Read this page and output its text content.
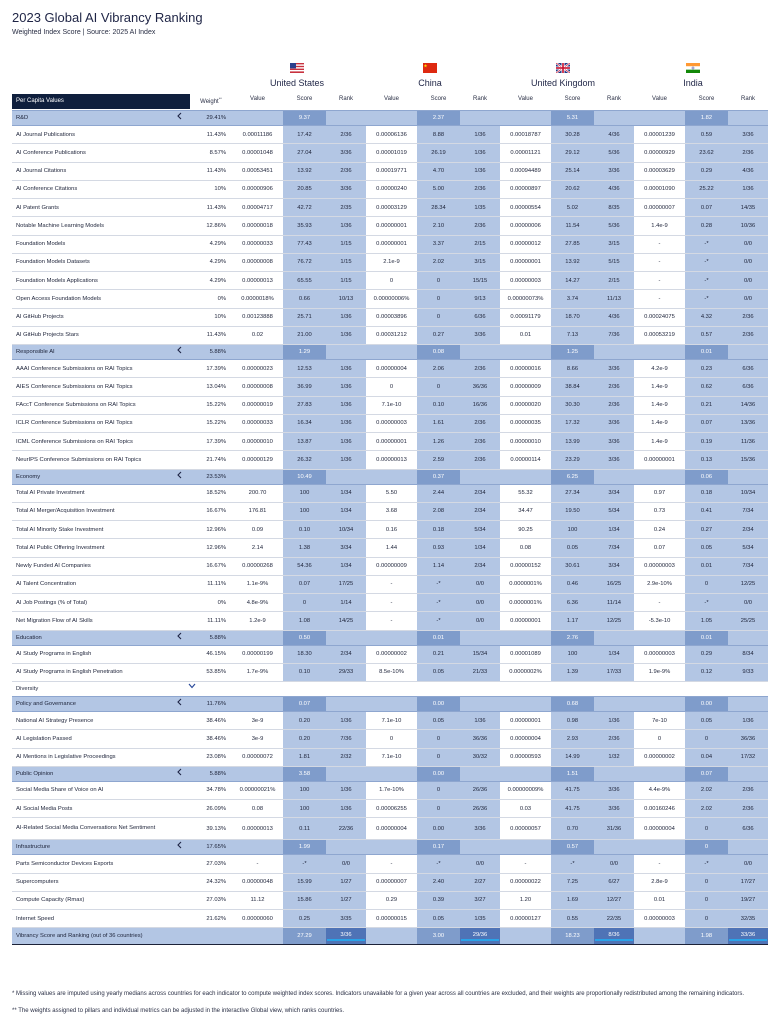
2023 Global AI Vibrancy Ranking
Weighted Index Score | Source: 2025 AI Index
United States	China	United Kingdom	India
Per Capita Values	Weight**	Value	Score	Rank	Value	Score	Rank	Value	Score	Rank	Value	Score	Rank
R&D	29.41%		9.37			2.37			5.31			1.82	
AI Journal Publications	11.43%	0.00011186	17.42	2/36	0.00006136	8.88	1/36	0.00018787	30.28	4/36	0.00001239	0.59	3/36
AI Conference Publications	8.57%	0.00001048	27.04	3/36	0.00001019	26.19	1/36	0.00001121	29.12	5/36	0.00000929	23.62	2/36
AI Journal Citations	11.43%	0.00053451	13.92	2/36	0.00019771	4.70	1/36	0.00094489	25.14	3/36	0.00003629	0.29	4/36
AI Conference Citations	10%	0.00000906	20.85	3/36	0.00000240	5.00	2/36	0.00000897	20.62	4/36	0.00001090	25.22	1/36
AI Patent Grants	11.43%	0.00004717	42.72	2/35	0.00003129	28.34	1/35	0.00000554	5.02	8/35	0.00000007	0.07	14/35
Notable Machine Learning Models	12.86%	0.00000018	35.93	1/36	0.00000001	2.10	2/36	0.00000006	11.54	5/36	1.4e-9	0.28	10/36
Foundation Models	4.29%	0.00000033	77.43	1/15	0.00000001	3.37	2/15	0.00000012	27.85	3/15	-	-*	0/0
Foundation Models Datasets	4.29%	0.00000008	76.72	1/15	2.1e-9	2.02	3/15	0.00000001	13.92	5/15	-	-*	0/0
Foundation Models Applications	4.29%	0.00000013	65.55	1/15	0	0	15/15	0.00000003	14.27	2/15	-	-*	0/0
Open Access Foundation Models	0%	0.0000018%	0.66	10/13	0.00000006%	0	9/13	0.00000073%	3.74	11/13	-	-*	0/0
AI GitHub Projects	10%	0.00123888	25.71	1/36	0.00003896	0	6/36	0.00091179	18.70	4/36	0.00024075	4.32	2/36
AI GitHub Projects Stars	11.43%	0.02	21.00	1/36	0.00031212	0.27	3/36	0.01	7.13	7/36	0.00053219	0.57	2/36
Responsible AI	5.88%		1.29			0.08			1.25			0.01	
AAAI Conference Submissions on RAI Topics	17.39%	0.00000023	12.53	1/36	0.00000004	2.06	2/36	0.00000016	8.66	3/36	4.2e-9	0.23	6/36
AIES Conference Submissions on RAI Topics	13.04%	0.00000008	36.99	1/36	0	0	36/36	0.00000009	38.84	2/36	1.4e-9	0.62	6/36
FAccT Conference Submissions on RAI Topics	15.22%	0.00000019	27.83	1/36	7.1e-10	0.10	16/36	0.00000020	30.30	2/36	1.4e-9	0.21	14/36
ICLR Conference Submissions on RAI Topics	15.22%	0.00000033	16.34	1/36	0.00000003	1.61	2/36	0.00000035	17.32	3/36	1.4e-9	0.07	13/36
ICML Conference Submissions on RAI Topics	17.39%	0.00000010	13.87	1/36	0.00000001	1.26	2/36	0.00000010	13.99	3/36	1.4e-9	0.19	11/36
NeurIPS Conference Submissions on RAI Topics	21.74%	0.00000129	26.32	1/36	0.00000013	2.59	2/36	0.00000114	23.29	3/36	0.00000001	0.13	15/36
Economy	23.53%		10.49			0.37			6.25			0.06	
Total AI Private Investment	18.52%	200.70	100	1/34	5.50	2.44	2/34	55.32	27.34	3/34	0.97	0.18	10/34
Total AI Merger/Acquisition Investment	16.67%	176.81	100	1/34	3.68	2.08	2/34	34.47	19.50	5/34	0.73	0.41	7/34
Total AI Minority Stake Investment	12.96%	0.09	0.10	10/34	0.16	0.18	5/34	90.25	100	1/34	0.24	0.27	2/34
Total AI Public Offering Investment	12.96%	2.14	1.38	3/34	1.44	0.93	1/34	0.08	0.05	7/34	0.07	0.05	5/34
Newly Funded AI Companies	16.67%	0.00000268	54.36	1/34	0.00000009	1.14	2/34	0.00000152	30.61	3/34	0.00000003	0.01	7/34
AI Talent Concentration	11.11%	1.1e-9%	0.07	17/25	-	-*	0/0	0.0000001%	0.46	16/25	2.9e-10%	0	12/25
AI Job Postings (% of Total)	0%	4.8e-9%	0	1/14	-	-*	0/0	0.0000001%	6.36	11/14	-	-*	0/0
Net Migration Flow of AI Skills	11.11%	1.2e-9	1.08	14/25	-	-*	0/0	0.00000001	1.17	12/25	-5.3e-10	1.05	25/25
Education	5.88%		0.50			0.01			2.76			0.01	
AI Study Programs in English	46.15%	0.00000199	18.30	2/34	0.00000002	0.21	15/34	0.00001089	100	1/34	0.00000003	0.29	8/34
AI Study Programs in English Penetration	53.85%	1.7e-9%	0.10	29/33	8.5e-10%	0.05	21/33	0.0000002%	1.39	17/33	1.9e-9%	0.12	9/33
Diversity													

Policy and Governance	11.76%		0.07			0.00			0.68			0.00	
National AI Strategy Presence	38.46%	3e-9	0.20	1/36	7.1e-10	0.05	1/36	0.00000001	0.98	1/36	7e-10	0.05	1/36
AI Legislation Passed	38.46%	3e-9	0.20	7/36	0	0	36/36	0.00000004	2.93	2/36	0	0	36/36
AI Mentions in Legislative Proceedings	23.08%	0.00000072	1.81	2/32	7.1e-10	0	30/32	0.00000593	14.99	1/32	0.00000002	0.04	17/32
Public Opinion	5.88%		3.58			0.00			1.51			0.07	
Social Media Share of Voice on AI	34.78%	0.00000021%	100	1/36	1.7e-10%	0	26/36	0.00000009%	41.75	3/36	4.4e-9%	2.02	2/36
AI Social Media Posts	26.09%	0.08	100	1/36	0.00006255	0	26/36	0.03	41.75	3/36	0.00160246	2.02	2/36
AI-Related Social Media Conversations Net Sentiment	39.13%	0.00000013	0.11	22/36	0.00000004	0.00	3/36	0.00000057	0.70	31/36	0.00000004	0	6/36
Infrastructure	17.65%		1.99			0.17			0.57			0	
Parts Semiconductor Devices Exports	27.03%	-	-*	0/0	-	-*	0/0	-	-*	0/0	-	-*	0/0
Supercomputers	24.32%	0.00000048	15.99	1/27	0.00000007	2.40	2/27	0.00000022	7.25	6/27	2.8e-9	0	17/27
Compute Capacity (Rmax)	27.03%	11.12	15.86	1/27	0.29	0.39	3/27	1.20	1.69	12/27	0.01	0	19/27
Internet Speed	21.62%	0.00000060	0.25	3/35	0.00000015	0.05	1/35	0.00000127	0.55	22/35	0.00000003	0	32/35
Vibrancy Score and Ranking (out of 36 countries)			27.29	3/36		3.00	29/36		18.23	8/36		1.98	33/36
* Missing values are imputed using yearly medians across countries for each indicator to compute weighted index scores. Indicators unavailable for a given year across all countries are excluded, and their weights are proportionally redistributed among the remaining indicators.
** The weights assigned to pillars and individual metrics can be adjusted in the interactive Global view, which ranks countries.
